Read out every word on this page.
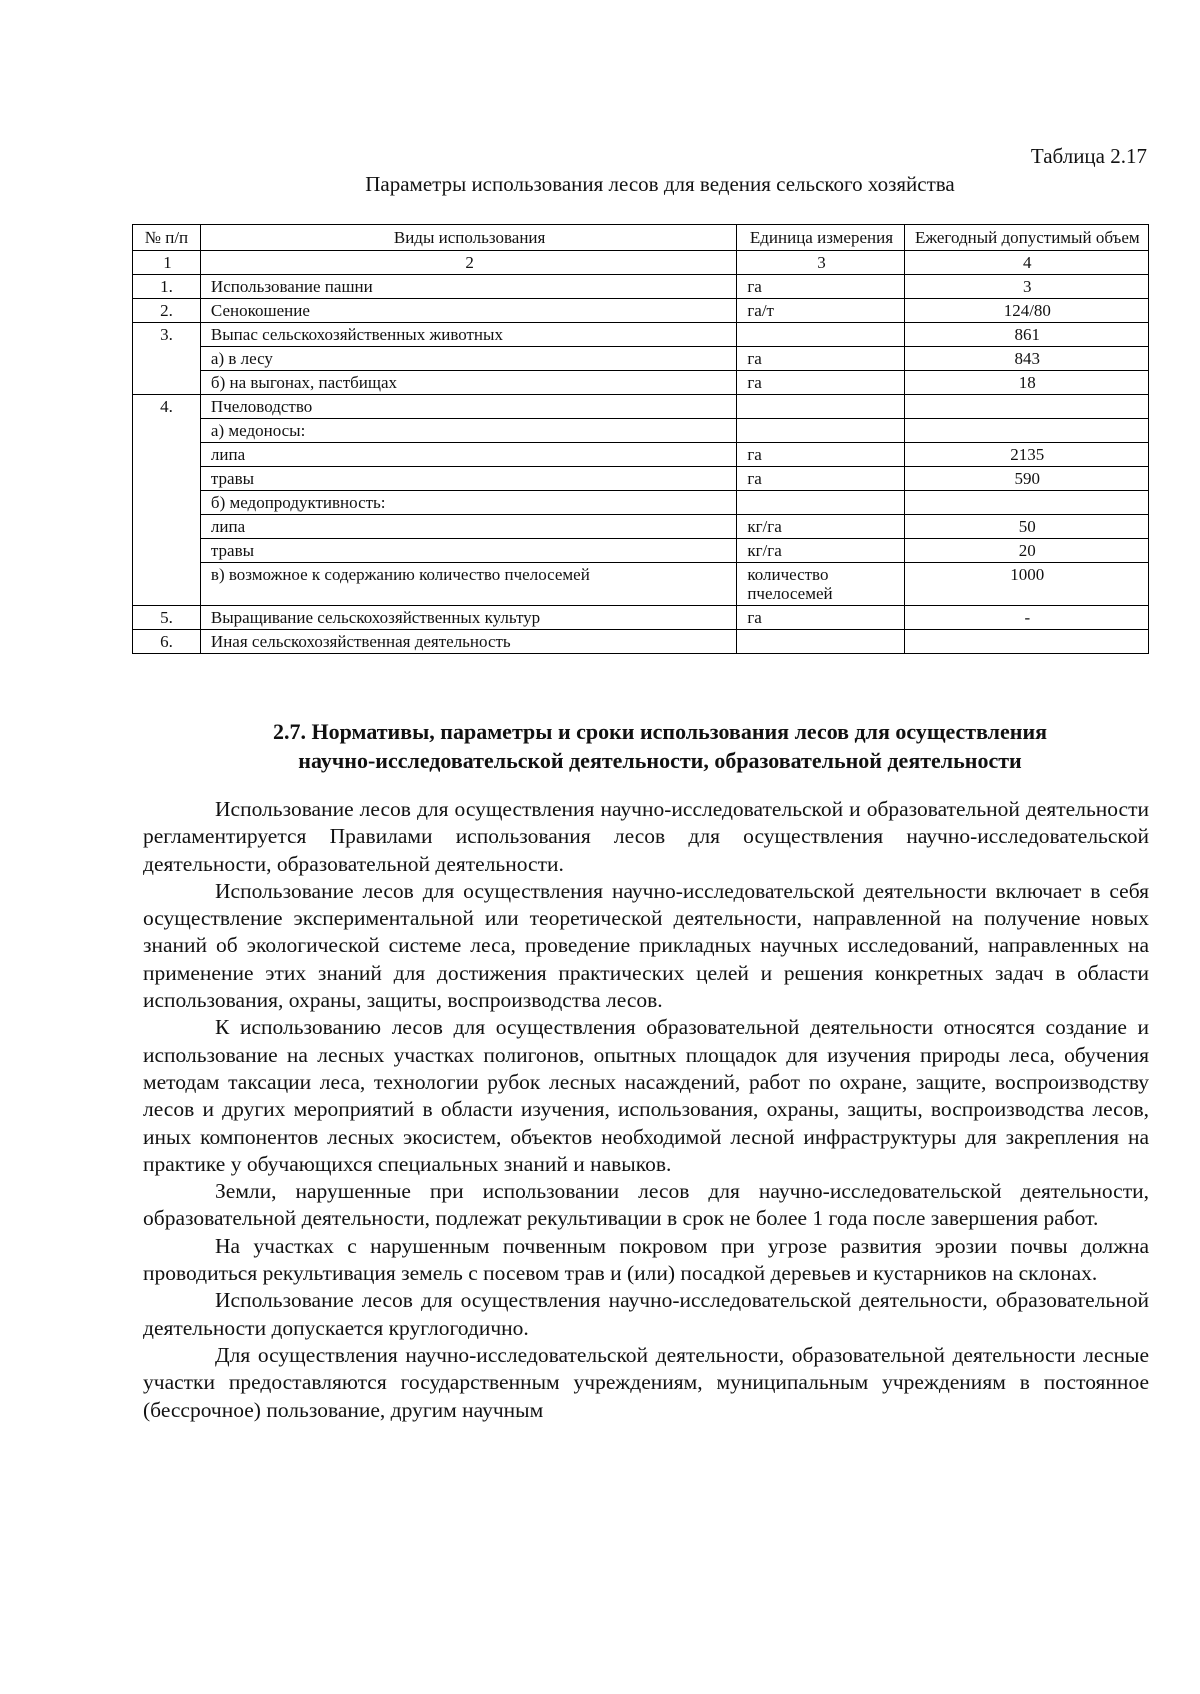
Таблица 2.17
Параметры использования лесов для ведения сельского хозяйства
№ п/п	Виды использования	Единица измерения	Ежегодный допустимый объем
1	2	3	4
1.	Использование пашни	га	3
2.	Сенокошение	га/т	124/80
3.	Выпас сельскохозяйственных животных		861
	а) в лесу	га	843
	б) на выгонах, пастбищах	га	18
4.	Пчеловодство		
	а) медоносы:		
	липа	га	2135
	травы	га	590
	б) медопродуктивность:		
	липа	кг/га	50
	травы	кг/га	20
	в) возможное к содержанию количество пчелосемей	количество пчелосемей	1000
5.	Выращивание сельскохозяйственных культур	га	-
6.	Иная сельскохозяйственная деятельность		
2.7. Нормативы, параметры и сроки использования лесов для осуществления
научно-исследовательской деятельности, образовательной деятельности

Использование лесов для осуществления научно-исследовательской и образовательной деятельности регламентируется Правилами использования лесов для осуществления научно-исследовательской деятельности, образовательной деятельности.

Использование лесов для осуществления научно-исследовательской деятельности включает в себя осуществление экспериментальной или теоретической деятельности, направленной на получение новых знаний об экологической системе леса, проведение прикладных научных исследований, направленных на применение этих знаний для достижения практических целей и решения конкретных задач в области использования, охраны, защиты, воспроизводства лесов.

К использованию лесов для осуществления образовательной деятельности относятся создание и использование на лесных участках полигонов, опытных площадок для изучения природы леса, обучения методам таксации леса, технологии рубок лесных насаждений, работ по охране, защите, воспроизводству лесов и других мероприятий в области изучения, использования, охраны, защиты, воспроизводства лесов, иных компонентов лесных экосистем, объектов необходимой лесной инфраструктуры для закрепления на практике у обучающихся специальных знаний и навыков.

Земли, нарушенные при использовании лесов для научно-исследовательской деятельности, образовательной деятельности, подлежат рекультивации в срок не более 1 года после завершения работ.

На участках с нарушенным почвенным покровом при угрозе развития эрозии почвы должна проводиться рекультивация земель с посевом трав и (или) посадкой деревьев и кустарников на склонах.

Использование лесов для осуществления научно-исследовательской деятельности, образовательной деятельности допускается круглогодично.

Для осуществления научно-исследовательской деятельности, образовательной деятельности лесные участки предоставляются государственным учреждениям, муниципальным учреждениям в постоянное (бессрочное) пользование, другим научным
